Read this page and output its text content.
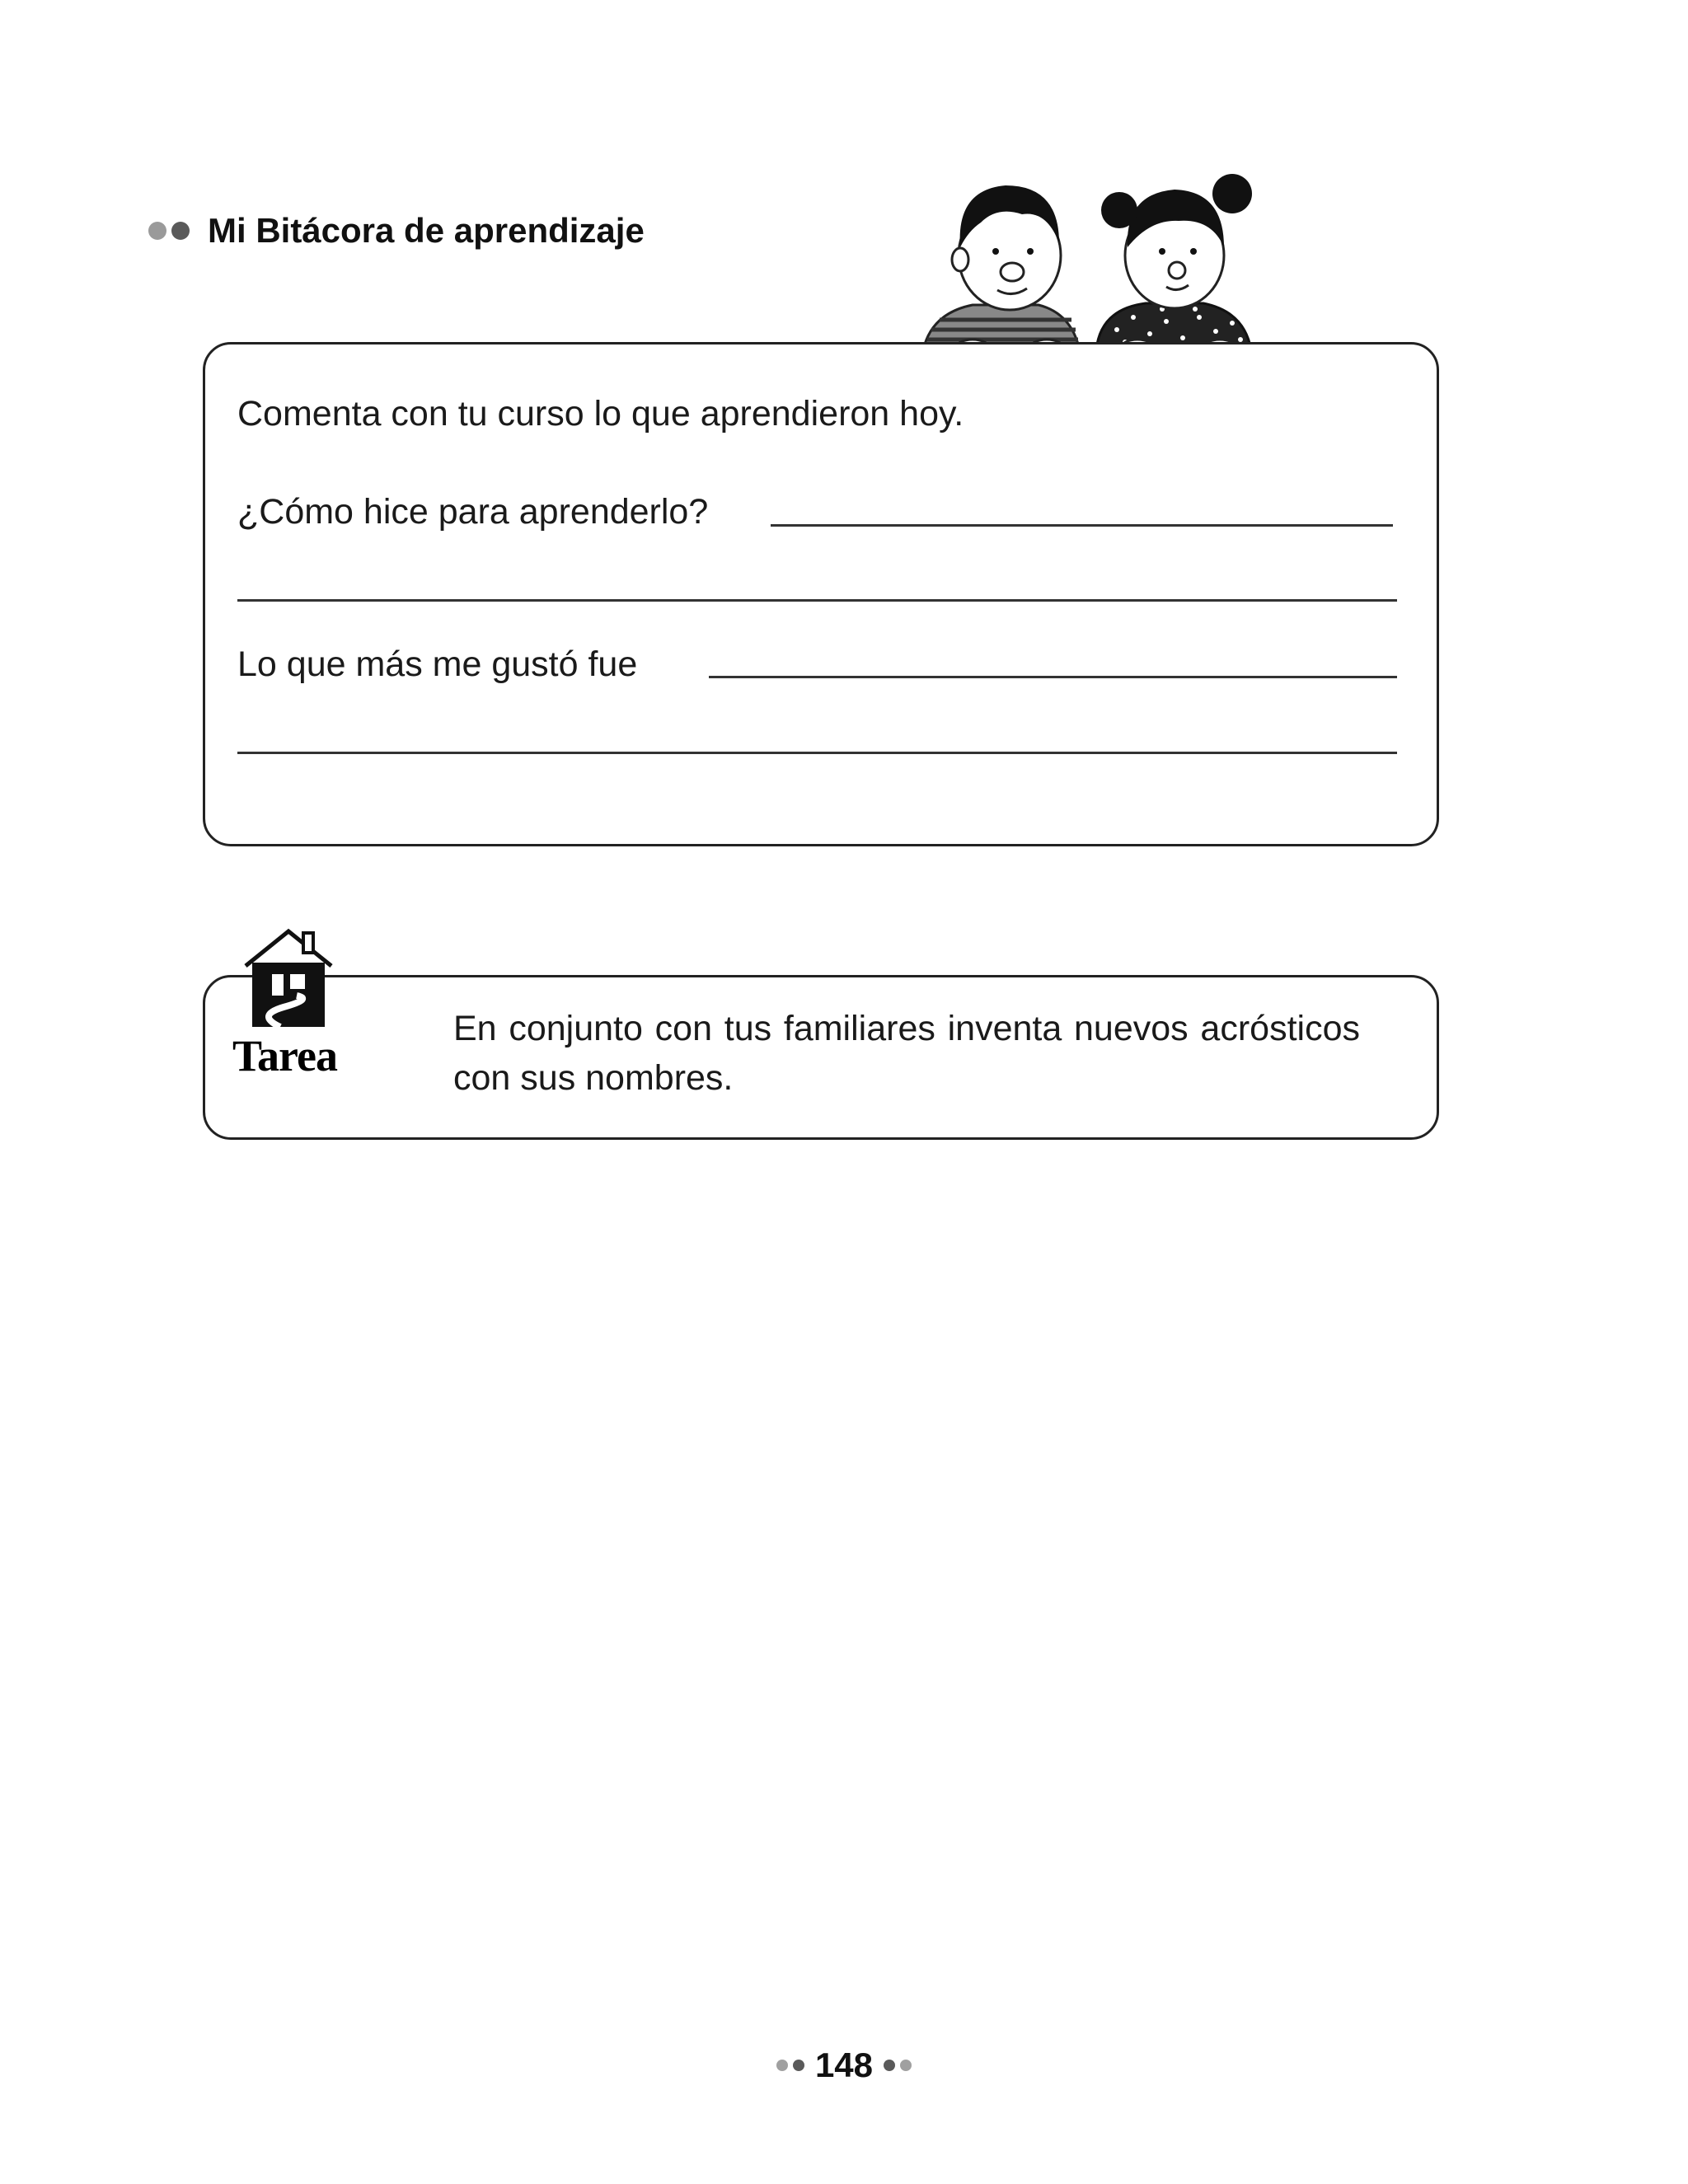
Mi Bitácora de aprendizaje
Comenta con tu curso lo que aprendieron hoy.
¿Cómo hice para aprenderlo?
Lo que más me gustó fue
Tarea
En conjunto con tus familiares inventa nuevos acrósticos con sus nombres.
148
